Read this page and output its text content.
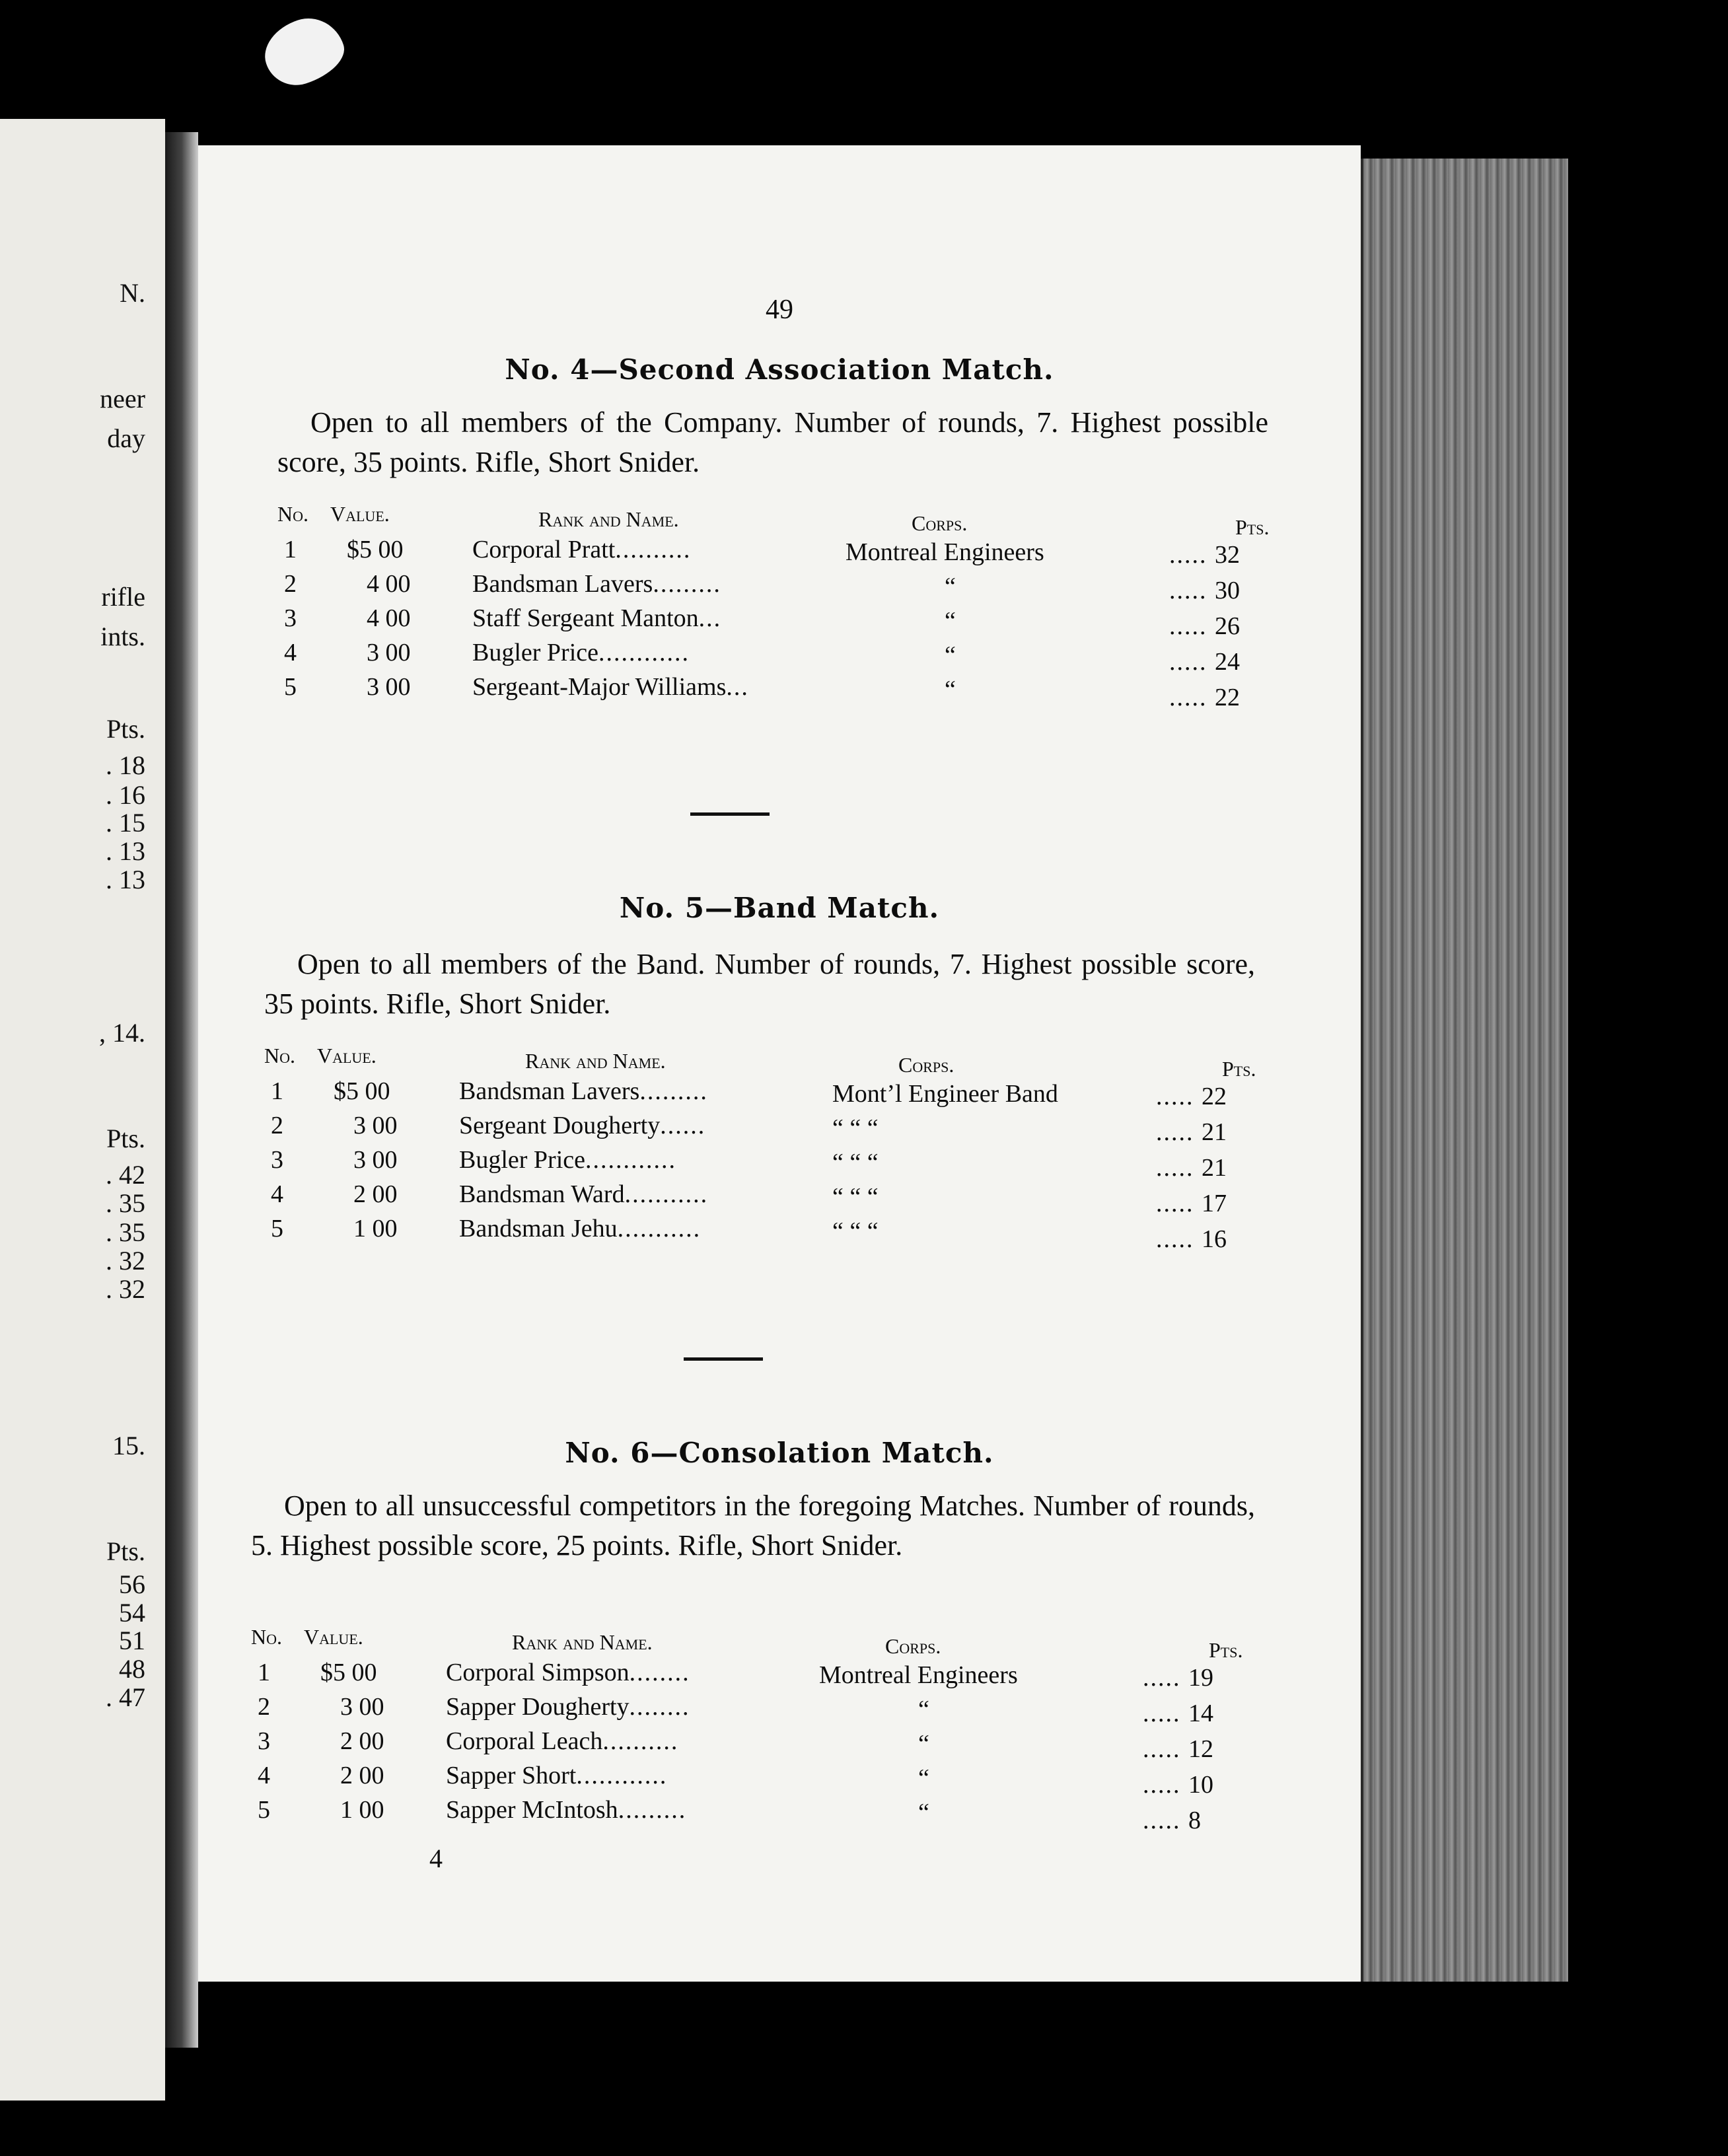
N.
neer
day
rifle
ints.
Pts.
. 18
. 16
. 15
. 13
. 13
, 14.
Pts.
. 42
. 35
. 35
. 32
. 32
15.
Pts.
56
54
51
48
. 47
49
No. 4—Second Association Match.
Open to all members of the Company. Number of rounds, 7. Highest possible score, 35 points. Rifle, Short Snider.
No. Value.	Rank and Name.	Corps.	Pts.
1 $5 00	Corporal Pratt..........	Montreal Engineers	..... 32
2	4 00 Bandsman Lavers.........	“	..... 30
3	4 00 Staff Sergeant Manton...	“	..... 26
4	3 00 Bugler Price............	“	..... 24
5	3 00 Sergeant-Major Williams...	“	..... 22
No. 5—Band Match.
Open to all members of the Band. Number of rounds, 7. Highest possible score, 35 points. Rifle, Short Snider.
No. Value.	Rank and Name.	Corps.	Pts.
1 $5 00	Bandsman Lavers.........	Mont’l Engineer Band	..... 22
2	3 00 Sergeant Dougherty......	“ “ “	..... 21
3	3 00 Bugler Price............	“ “ “	..... 21
4	2 00 Bandsman Ward...........	“ “ “	..... 17
5	1 00 Bandsman Jehu...........	“ “ “	..... 16
No. 6—Consolation Match.
Open to all unsuccessful competitors in the foregoing Matches. Number of rounds, 5. Highest possible score, 25 points. Rifle, Short Snider.
No. Value.	Rank and Name.	Corps.	Pts.
1 $5 00	Corporal Simpson........	Montreal Engineers	..... 19
2	3 00 Sapper Dougherty........	“	..... 14
3	2 00 Corporal Leach..........	“	..... 12
4	2 00 Sapper Short............	“	..... 10
5	1 00 Sapper McIntosh.........	“	..... 8
4
